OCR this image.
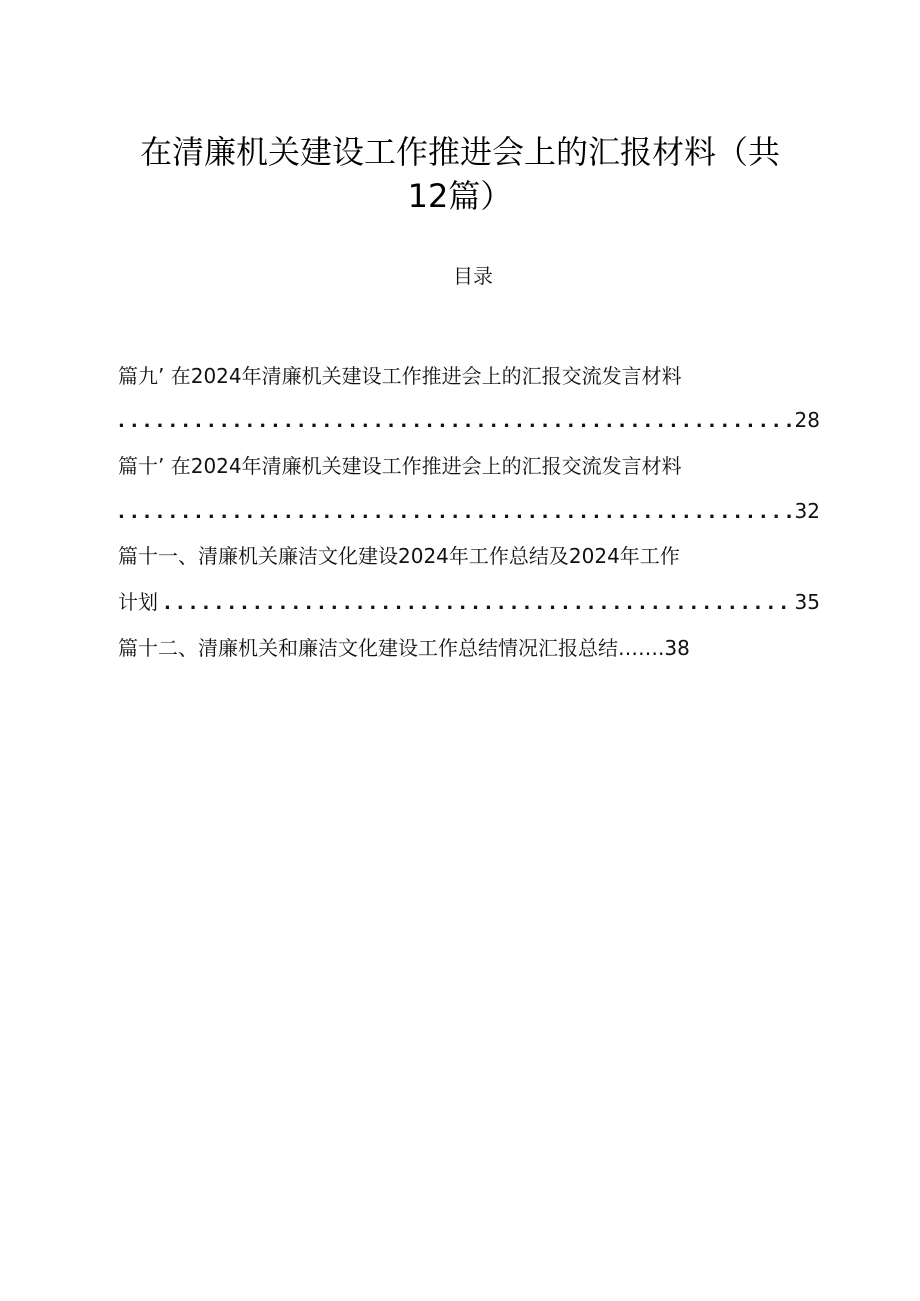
在清廉机关建设工作推进会上的汇报材料（共
12篇）
目录
篇九’ 在2024年清廉机关建设工作推进会上的汇报交流发言材料
.....
28
篇十’ 在2024年清廉机关建设工作推进会上的汇报交流发言材料
.....
32
篇十一、清廉机关廉洁文化建设2024年工作总结及2024年工作
计划
.....	35
篇十二、清廉机关和廉洁文化建设工作总结情况汇报总结…….38
